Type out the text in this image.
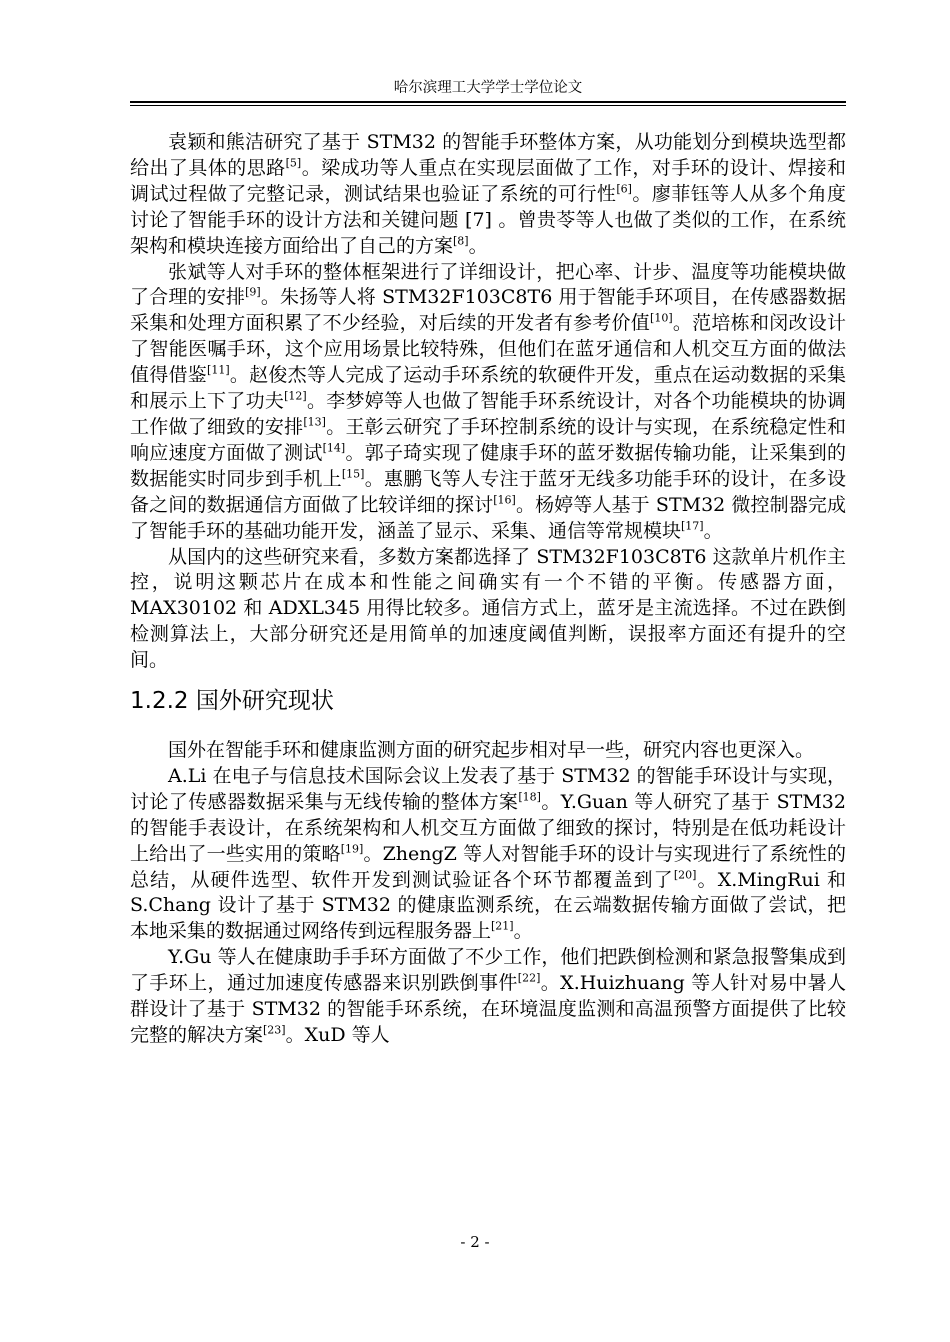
哈尔滨理工大学学士学位论文

袁颖和熊洁研究了基于 STM32 的智能手环整体方案，从功能划分到模块选型都给出了具体的思路[5]。梁成功等人重点在实现层面做了工作，对手环的设计、焊接和调试过程做了完整记录，测试结果也验证了系统的可行性[6]。廖菲钰等人从多个角度讨论了智能手环的设计方法和关键问题 [7] 。曾贵苓等人也做了类似的工作，在系统架构和模块连接方面给出了自己的方案[8]。

张斌等人对手环的整体框架进行了详细设计，把心率、计步、温度等功能模块做了合理的安排[9]。朱扬等人将 STM32F103C8T6 用于智能手环项目，在传感器数据采集和处理方面积累了不少经验，对后续的开发者有参考价值[10]。范培栋和闵改设计了智能医嘱手环，这个应用场景比较特殊，但他们在蓝牙通信和人机交互方面的做法值得借鉴[11]。赵俊杰等人完成了运动手环系统的软硬件开发，重点在运动数据的采集和展示上下了功夫[12]。李梦婷等人也做了智能手环系统设计，对各个功能模块的协调工作做了细致的安排[13]。王彰云研究了手环控制系统的设计与实现，在系统稳定性和响应速度方面做了测试[14]。郭子琦实现了健康手环的蓝牙数据传输功能，让采集到的数据能实时同步到手机上[15]。惠鹏飞等人专注于蓝牙无线多功能手环的设计，在多设备之间的数据通信方面做了比较详细的探讨[16]。杨婷等人基于 STM32 微控制器完成了智能手环的基础功能开发，涵盖了显示、采集、通信等常规模块[17]。

从国内的这些研究来看，多数方案都选择了 STM32F103C8T6 这款单片机作主控，说明这颗芯片在成本和性能之间确实有一个不错的平衡。传感器方面，MAX30102 和 ADXL345 用得比较多。通信方式上，蓝牙是主流选择。不过在跌倒检测算法上，大部分研究还是用简单的加速度阈值判断，误报率方面还有提升的空间。

1.2.2 国外研究现状

国外在智能手环和健康监测方面的研究起步相对早一些，研究内容也更深入。

A.Li 在电子与信息技术国际会议上发表了基于 STM32 的智能手环设计与实现，讨论了传感器数据采集与无线传输的整体方案[18]。Y.Guan 等人研究了基于 STM32 的智能手表设计，在系统架构和人机交互方面做了细致的探讨，特别是在低功耗设计上给出了一些实用的策略[19]。ZhengZ 等人对智能手环的设计与实现进行了系统性的总结，从硬件选型、软件开发到测试验证各个环节都覆盖到了[20]。X.MingRui 和 S.Chang 设计了基于 STM32 的健康监测系统，在云端数据传输方面做了尝试，把本地采集的数据通过网络传到远程服务器上[21]。

Y.Gu 等人在健康助手手环方面做了不少工作，他们把跌倒检测和紧急报警集成到了手环上，通过加速度传感器来识别跌倒事件[22]。X.Huizhuang 等人针对易中暑人群设计了基于 STM32 的智能手环系统，在环境温度监测和高温预警方面提供了比较完整的解决方案[23]。XuD 等人

- 2 -
